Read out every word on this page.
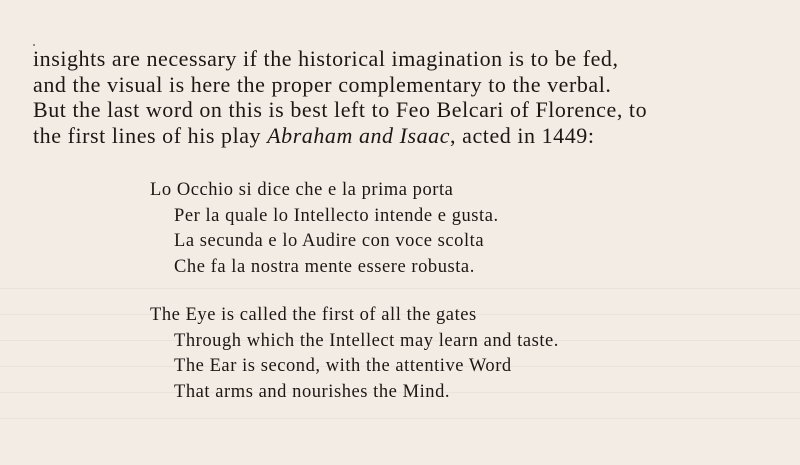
insights are necessary if the historical imagination is to be fed,
and the visual is here the proper complementary to the verbal.
But the last word on this is best left to Feo Belcari of Florence, to
the first lines of his play Abraham and Isaac, acted in 1449:

Lo Occhio si dice che e la prima porta
Per la quale lo Intellecto intende e gusta.
La secunda e lo Audire con voce scolta
Che fa la nostra mente essere robusta.
The Eye is called the first of all the gates
Through which the Intellect may learn and taste.
The Ear is second, with the attentive Word
That arms and nourishes the Mind.
